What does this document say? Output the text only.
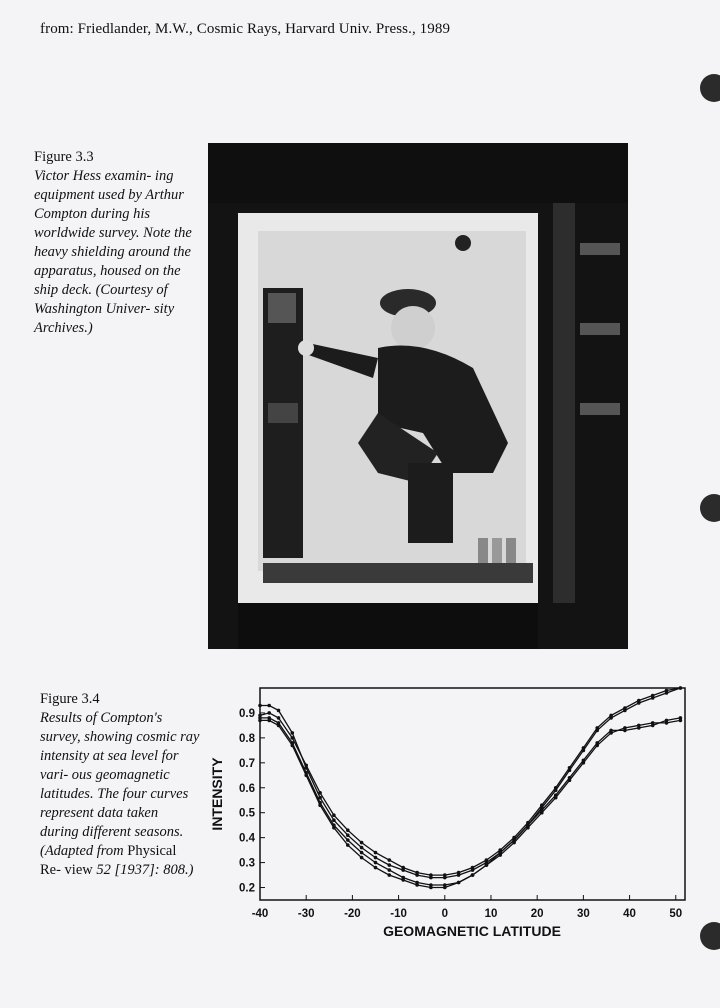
from: Friedlander, M.W., Cosmic Rays, Harvard Univ. Press., 1989
Figure 3.3
Victor Hess examin- ing equipment used by Arthur Compton during his worldwide survey. Note the heavy shielding around the apparatus, housed on the ship deck. (Courtesy of Washington Univer- sity Archives.)
Figure 3.4
Results of Compton's survey, showing cosmic ray intensity at sea level for vari- ous geomagnetic latitudes. The four curves represent data taken during different seasons. (Adapted from Physical Re- view 52 [1937]: 808.)
-40	-30	-20	-10	0	10	20	30	40	50
0.2
0.3
0.4
0.5
0.6
0.7
0.8
0.9
GEOMAGNETIC LATITUDE
INTENSITY
